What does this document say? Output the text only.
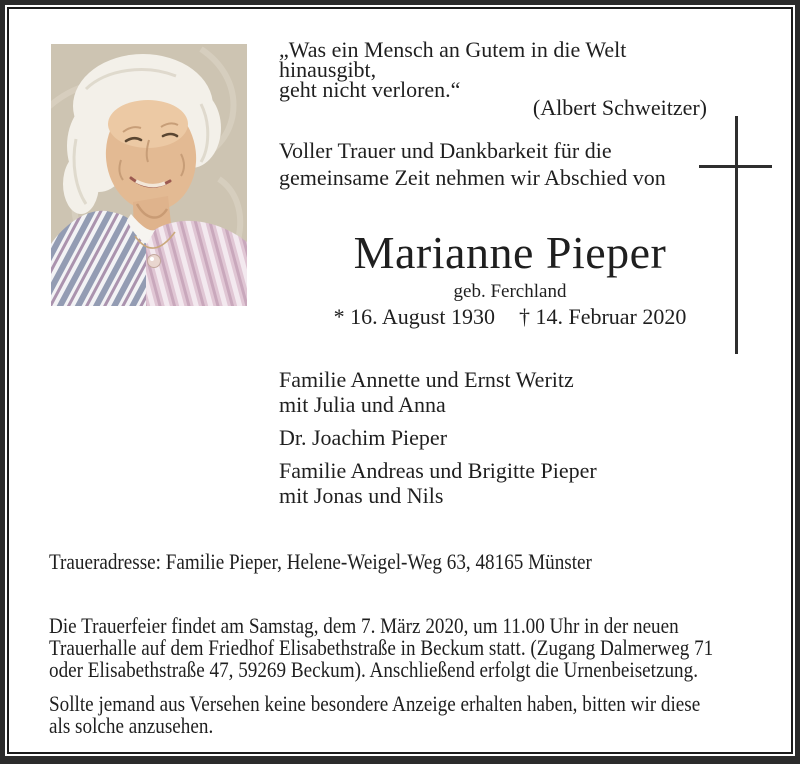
„Was ein Mensch an Gutem in die Welt hinausgibt,
geht nicht verloren.“
(Albert Schweitzer)
Voller Trauer und Dankbarkeit für die
gemeinsame Zeit nehmen wir Abschied von
Marianne Pieper
geb. Ferchland
* 16. August 1930 † 14. Februar 2020
Familie Annette und Ernst Weritz
mit Julia und Anna
Dr. Joachim Pieper
Familie Andreas und Brigitte Pieper
mit Jonas und Nils
Traueradresse: Familie Pieper, Helene-Weigel-Weg 63, 48165 Münster
Die Trauerfeier findet am Samstag, dem 7. März 2020, um 11.00 Uhr in der neuen
Trauerhalle auf dem Friedhof Elisabethstraße in Beckum statt. (Zugang Dalmerweg 71
oder Elisabethstraße 47, 59269 Beckum). Anschließend erfolgt die Urnenbeisetzung.
Sollte jemand aus Versehen keine besondere Anzeige erhalten haben, bitten wir diese
als solche anzusehen.
